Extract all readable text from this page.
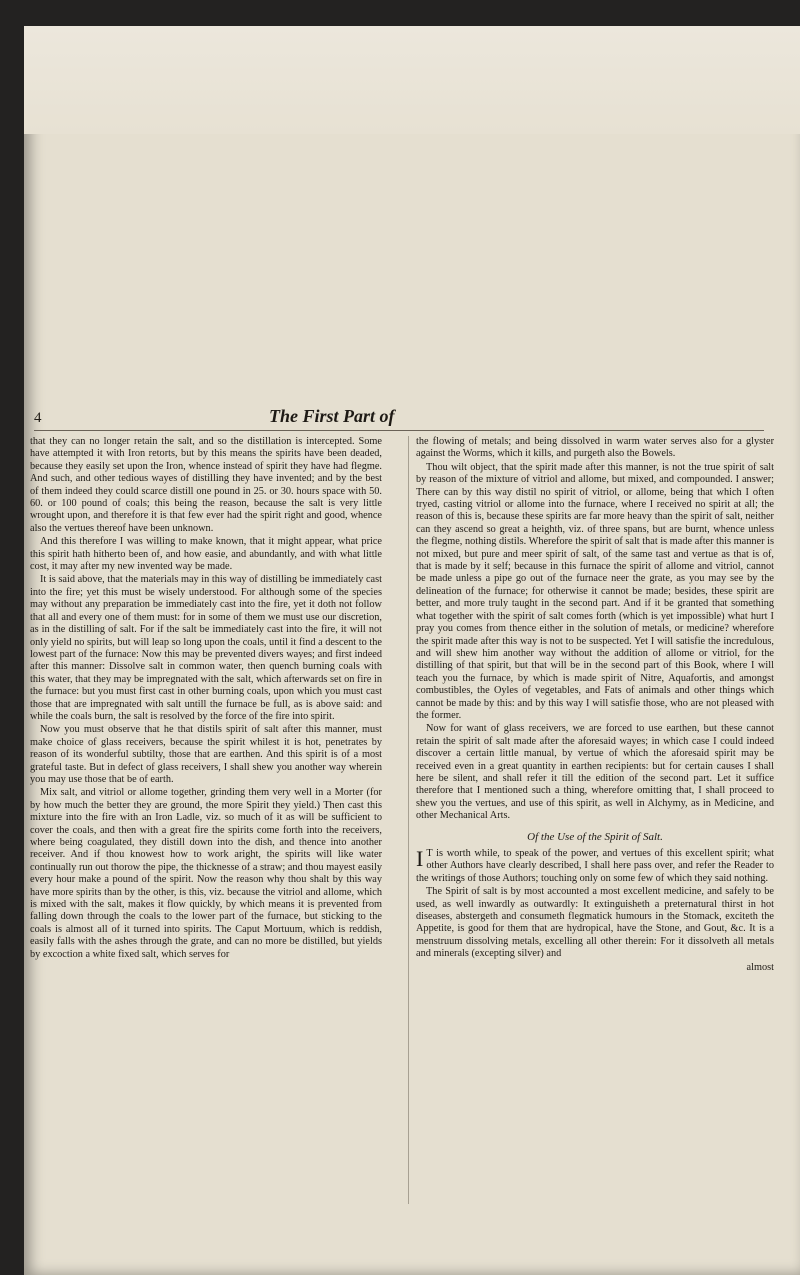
4	The First Part of

that they can no longer retain the salt, and so the distillation is intercepted. Some have attempted it with Iron retorts, but by this means the spirits have been deaded, because they easily set upon the Iron, whence instead of spirit they have had flegme. And such, and other tedious wayes of distilling they have invented; and by the best of them indeed they could scarce distill one pound in 25. or 30. hours space with 50. 60. or 100 pound of coals; this being the reason, because the salt is very little wrought upon, and therefore it is that few ever had the spirit right and good, whence also the vertues thereof have been unknown.

And this therefore I was willing to make known, that it might appear, what price this spirit hath hitherto been of, and how easie, and abundantly, and with what little cost, it may after my new invented way be made.

It is said above, that the materials may in this way of distilling be immediately cast into the fire; yet this must be wisely understood. For although some of the species may without any preparation be immediately cast into the fire, yet it doth not follow that all and every one of them must: for in some of them we must use our discretion, as in the distilling of salt. For if the salt be immediately cast into the fire, it will not only yield no spirits, but will leap so long upon the coals, until it find a descent to the lowest part of the furnace: Now this may be prevented divers wayes; and first indeed after this manner: Dissolve salt in common water, then quench burning coals with this water, that they may be impregnated with the salt, which afterwards set on fire in the furnace: but you must first cast in other burning coals, upon which you must cast those that are impregnated with salt untill the furnace be full, as is above said: and while the coals burn, the salt is resolved by the force of the fire into spirit.

Now you must observe that he that distils spirit of salt after this manner, must make choice of glass receivers, because the spirit whilest it is hot, penetrates by reason of its wonderful subtilty, those that are earthen. And this spirit is of a most grateful taste. But in defect of glass receivers, I shall shew you another way wherein you may use those that be of earth.

Mix salt, and vitriol or allome together, grinding them very well in a Morter (for by how much the better they are ground, the more Spirit they yield.) Then cast this mixture into the fire with an Iron Ladle, viz. so much of it as will be sufficient to cover the coals, and then with a great fire the spirits come forth into the receivers, where being coagulated, they distill down into the dish, and thence into another receiver. And if thou knowest how to work aright, the spirits will like water continually run out thorow the pipe, the thicknesse of a straw; and thou mayest easily every hour make a pound of the spirit. Now the reason why thou shalt by this way have more spirits than by the other, is this, viz. because the vitriol and allome, which is mixed with the salt, makes it flow quickly, by which means it is prevented from falling down through the coals to the lower part of the furnace, but sticking to the coals is almost all of it turned into spirits. The Caput Mortuum, which is reddish, easily falls with the ashes through the grate, and can no more be distilled, but yields by excoction a white fixed salt, which serves for

the flowing of metals; and being dissolved in warm water serves also for a glyster against the Worms, which it kills, and purgeth also the Bowels.

Thou wilt object, that the spirit made after this manner, is not the true spirit of salt by reason of the mixture of vitriol and allome, but mixed, and compounded. I answer; There can by this way distil no spirit of vitriol, or allome, being that which I often tryed, casting vitriol or allome into the furnace, where I received no spirit at all; the reason of this is, because these spirits are far more heavy than the spirit of salt, neither can they ascend so great a heighth, viz. of three spans, but are burnt, whence unless the flegme, nothing distils. Wherefore the spirit of salt that is made after this manner is not mixed, but pure and meer spirit of salt, of the same tast and vertue as that is of, that is made by it self; because in this furnace the spirit of allome and vitriol, cannot be made unless a pipe go out of the furnace neer the grate, as you may see by the delineation of the furnace; for otherwise it cannot be made; besides, these spirit are better, and more truly taught in the second part. And if it be granted that something what together with the spirit of salt comes forth (which is yet impossible) what hurt I pray you comes from thence either in the solution of metals, or medicine? wherefore the spirit made after this way is not to be suspected. Yet I will satisfie the incredulous, and will shew him another way without the addition of allome or vitriol, for the distilling of that spirit, but that will be in the second part of this Book, where I will teach you the furnace, by which is made spirit of Nitre, Aquafortis, and amongst combustibles, the Oyles of vegetables, and Fats of animals and other things which cannot be made by this: and by this way I will satisfie those, who are not pleased with the former.

Now for want of glass receivers, we are forced to use earthen, but these cannot retain the spirit of salt made after the aforesaid wayes; in which case I could indeed discover a certain little manual, by vertue of which the aforesaid spirit may be received even in a great quantity in earthen recipients: but for certain causes I shall here be silent, and shall refer it till the edition of the second part. Let it suffice therefore that I mentioned such a thing, wherefore omitting that, I shall proceed to shew you the vertues, and use of this spirit, as well in Alchymy, as in Medicine, and other Mechanical Arts.

Of the Use of the Spirit of Salt.

I T is worth while, to speak of the power, and vertues of this excellent spirit; what other Authors have clearly described, I shall here pass over, and refer the Reader to the writings of those Authors; touching only on some few of which they said nothing.

The Spirit of salt is by most accounted a most excellent medicine, and safely to be used, as well inwardly as outwardly: It extinguisheth a preternatural thirst in hot diseases, abstergeth and consumeth flegmatick humours in the Stomack, exciteth the Appetite, is good for them that are hydropical, have the Stone, and Gout, &c. It is a menstruum dissolving metals, excelling all other therein: For it dissolveth all metals and minerals (excepting silver) and

almost
